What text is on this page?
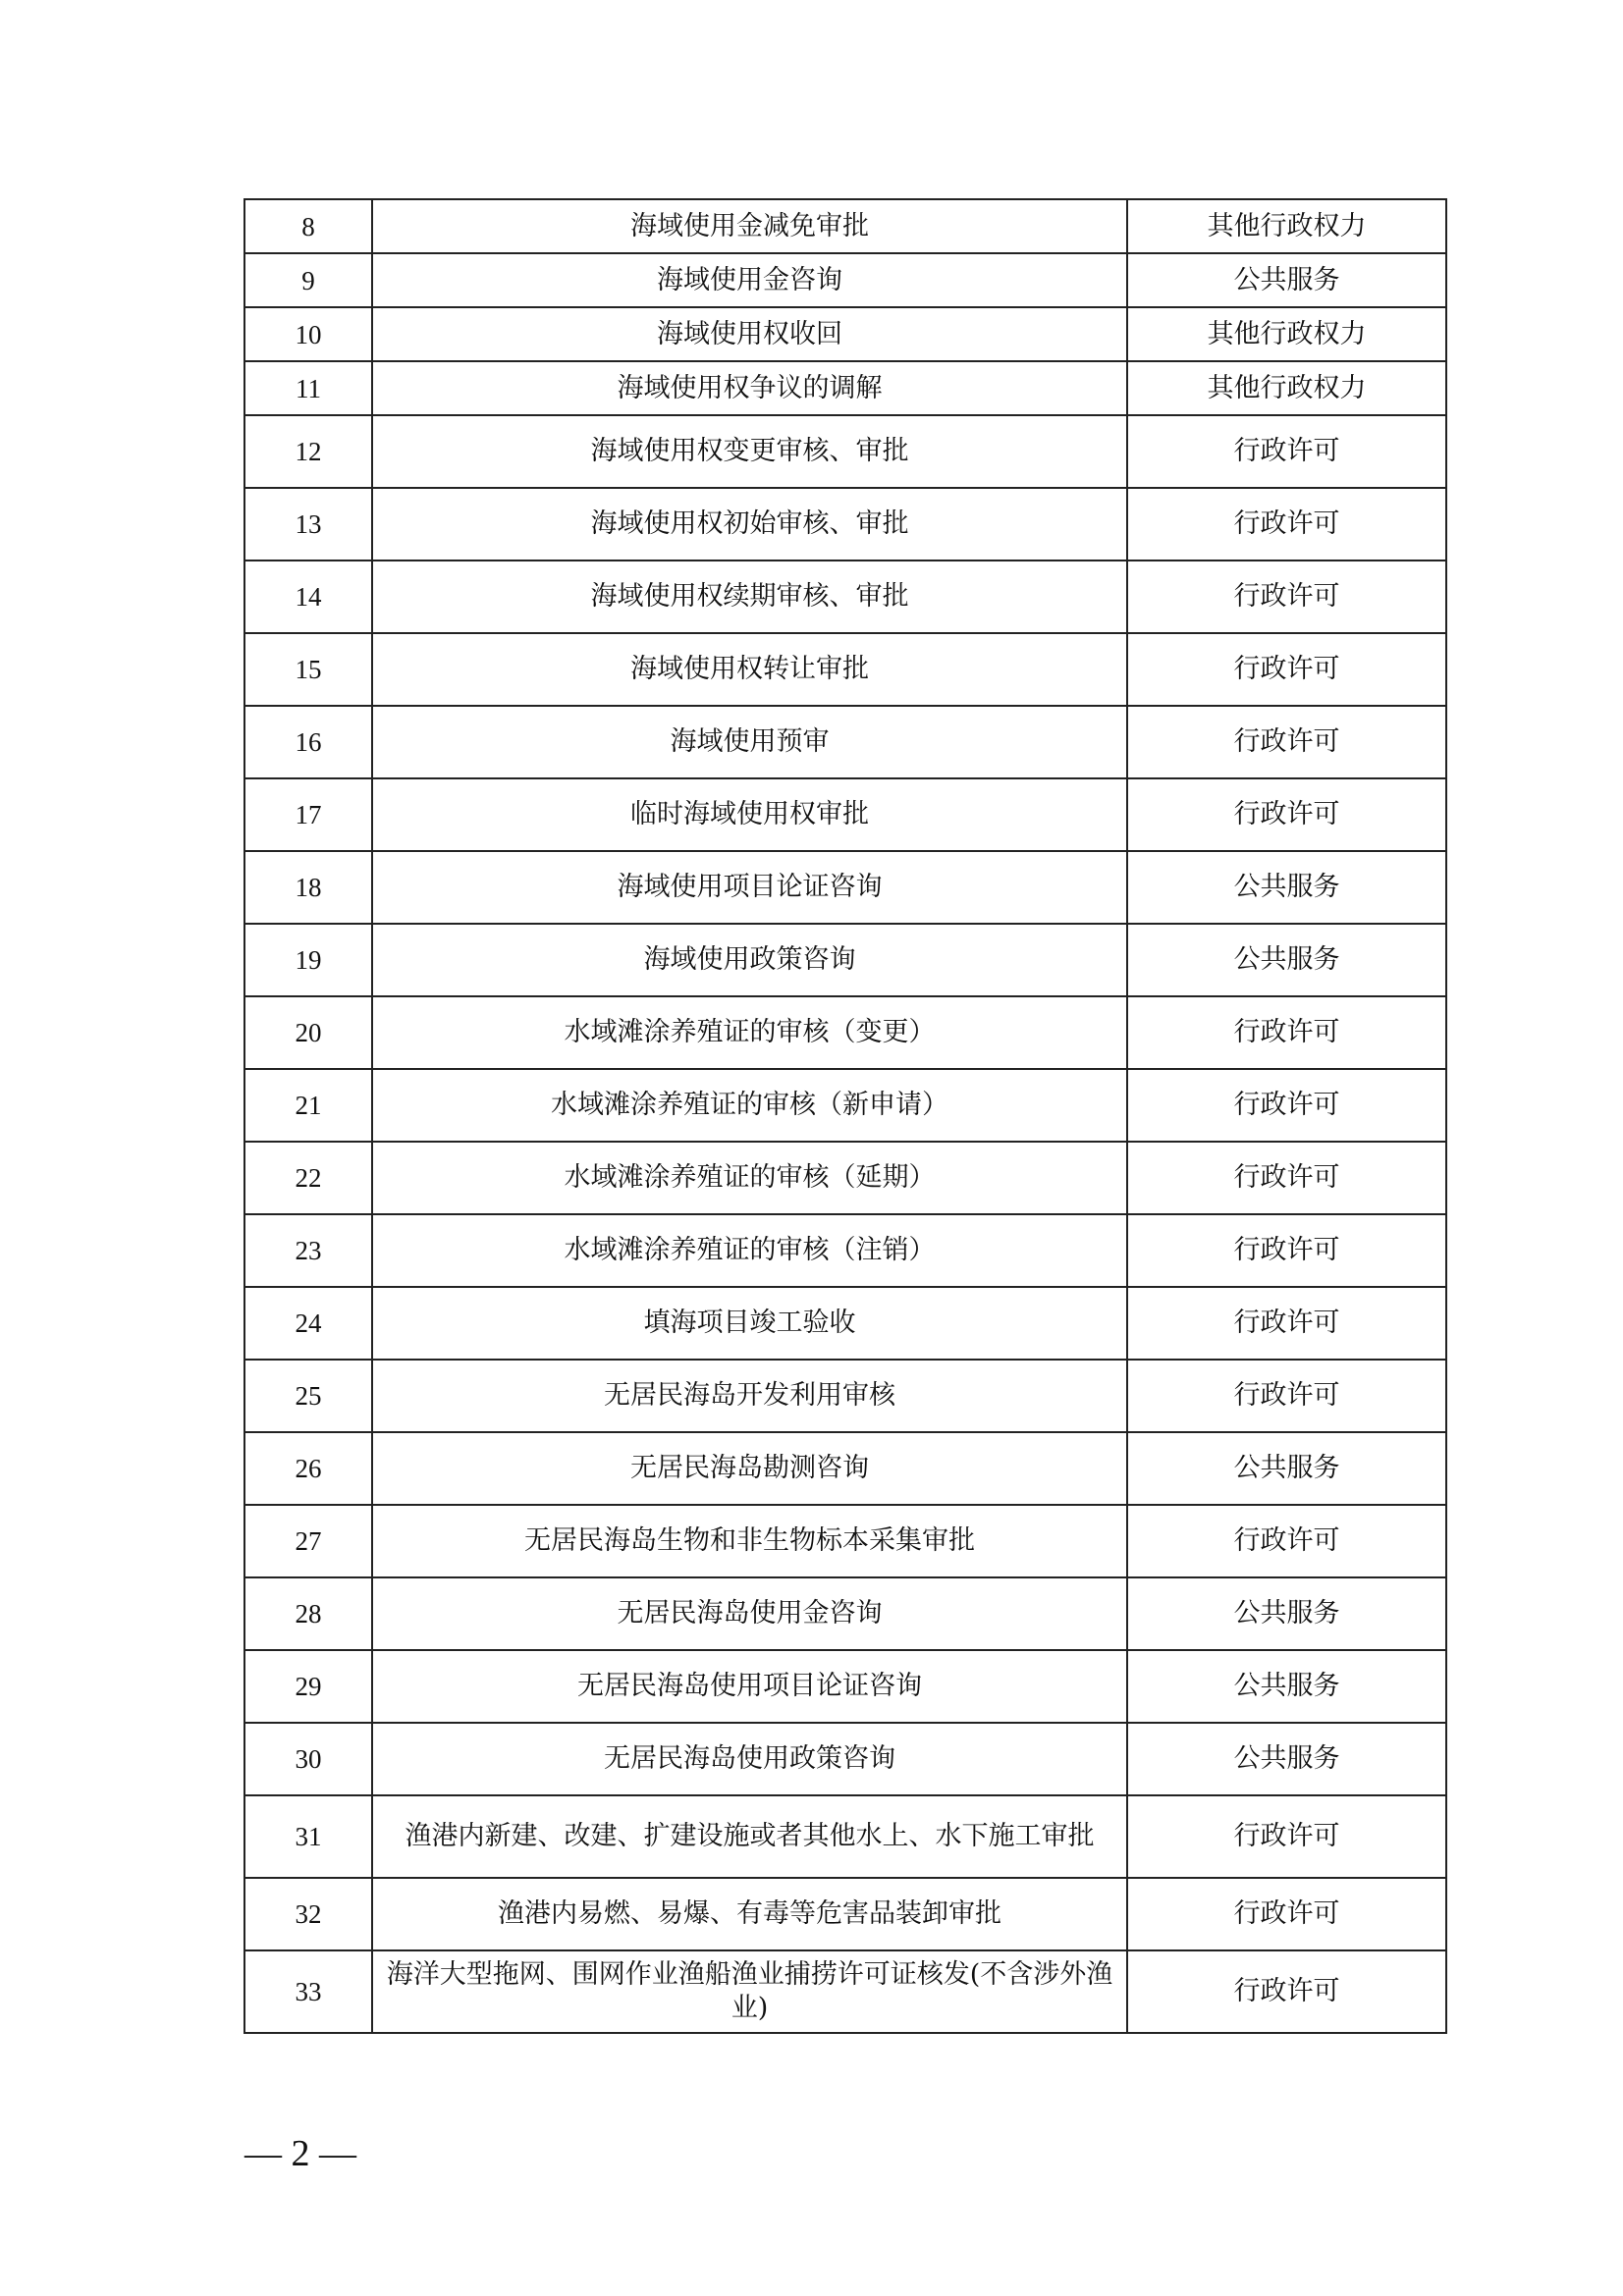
8	海域使用金减免审批	其他行政权力
9	海域使用金咨询	公共服务
10	海域使用权收回	其他行政权力
11	海域使用权争议的调解	其他行政权力
12	海域使用权变更审核、审批	行政许可
13	海域使用权初始审核、审批	行政许可
14	海域使用权续期审核、审批	行政许可
15	海域使用权转让审批	行政许可
16	海域使用预审	行政许可
17	临时海域使用权审批	行政许可
18	海域使用项目论证咨询	公共服务
19	海域使用政策咨询	公共服务
20	水域滩涂养殖证的审核（变更）	行政许可
21	水域滩涂养殖证的审核（新申请）	行政许可
22	水域滩涂养殖证的审核（延期）	行政许可
23	水域滩涂养殖证的审核（注销）	行政许可
24	填海项目竣工验收	行政许可
25	无居民海岛开发利用审核	行政许可
26	无居民海岛勘测咨询	公共服务
27	无居民海岛生物和非生物标本采集审批	行政许可
28	无居民海岛使用金咨询	公共服务
29	无居民海岛使用项目论证咨询	公共服务
30	无居民海岛使用政策咨询	公共服务
31	渔港内新建、改建、扩建设施或者其他水上、水下施工审批	行政许可
32	渔港内易燃、易爆、有毒等危害品装卸审批	行政许可
33	海洋大型拖网、围网作业渔船渔业捕捞许可证核发(不含涉外渔业)	行政许可
— 2 —
